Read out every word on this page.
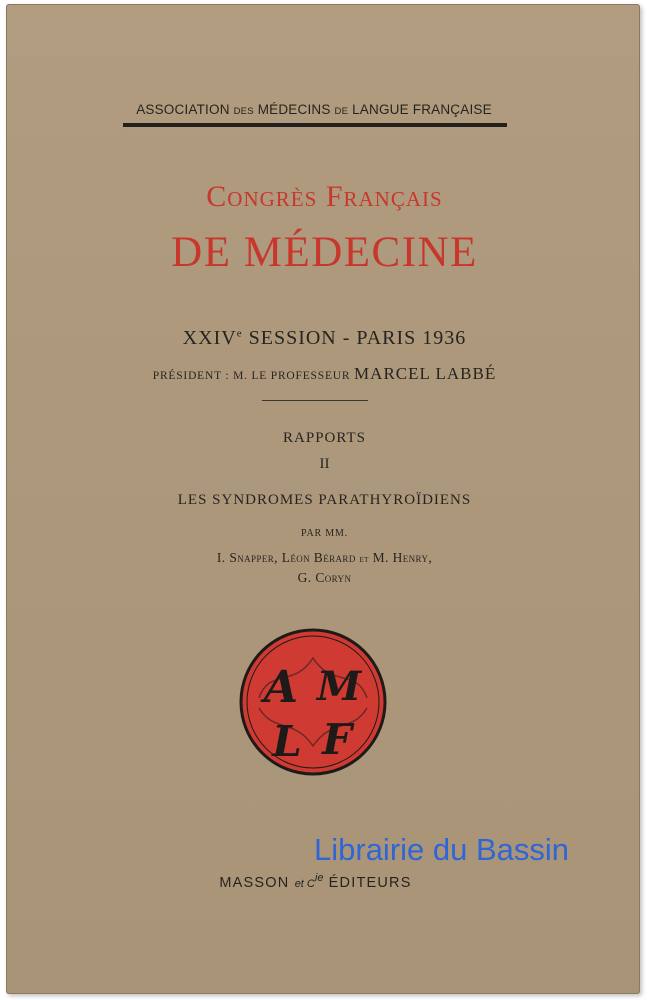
ASSOCIATION DES MÉDECINS DE LANGUE FRANÇAISE
Congrès Français
DE MÉDECINE
XXIVe SESSION - PARIS 1936
PRÉSIDENT : M. LE PROFESSEUR MARCEL LABBÉ
RAPPORTS
II
LES SYNDROMES PARATHYROÏDIENS
PAR MM.
I. Snapper, Léon Bérard et M. Henry,
G. Coryn
A M
L F
Librairie du Bassin
MASSON et $C^{ie}$ ÉDITEURS
